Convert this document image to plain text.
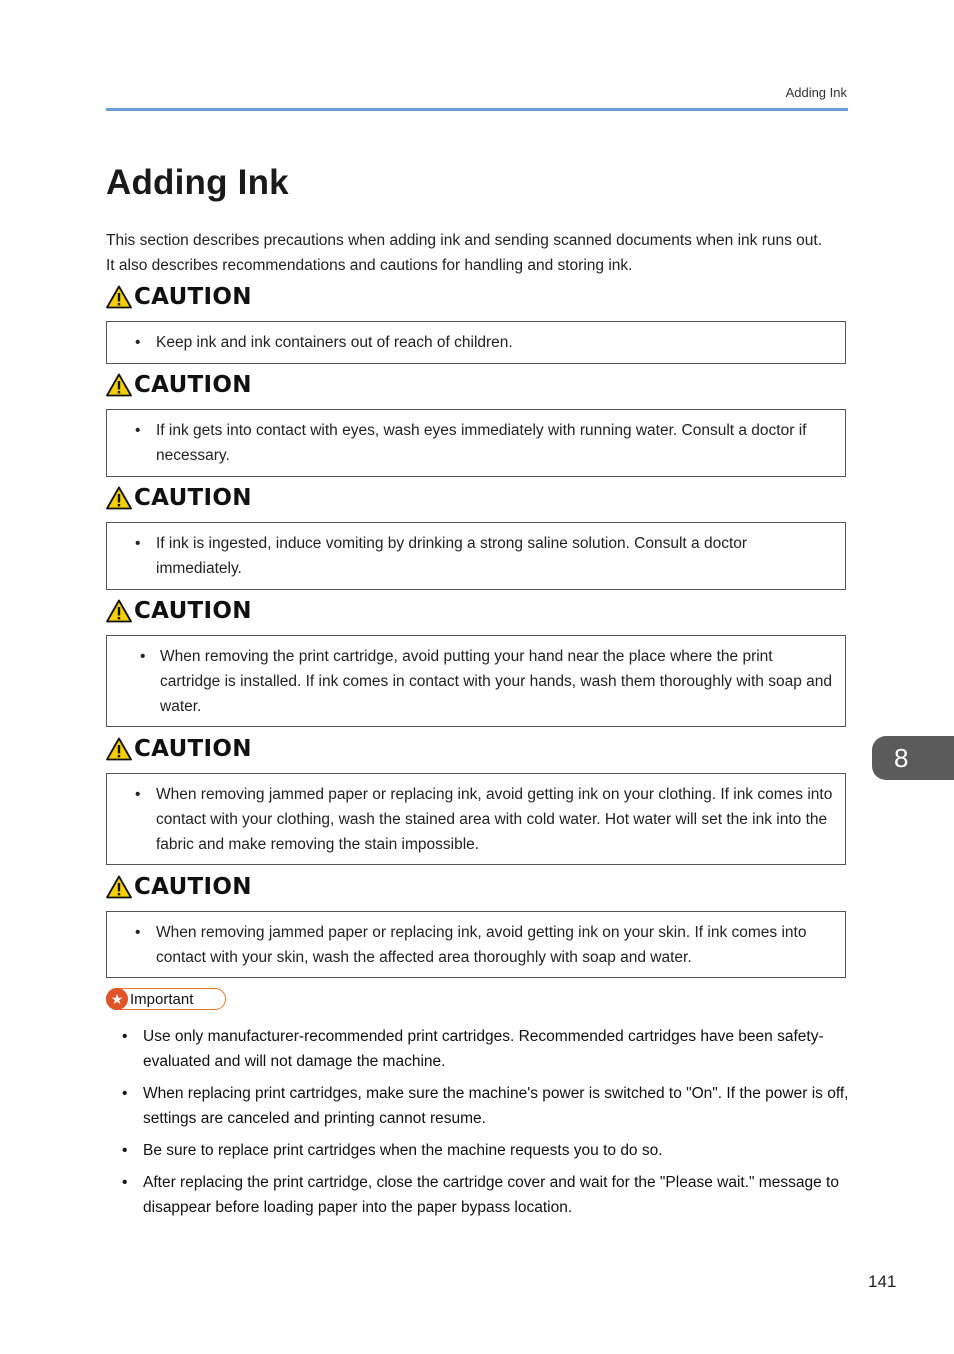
Adding Ink
Adding Ink

This section describes precautions when adding ink and sending scanned documents when ink runs out.

It also describes recommendations and cautions for handling and storing ink.

CAUTION
• Keep ink and ink containers out of reach of children.
CAUTION
• If ink gets into contact with eyes, wash eyes immediately with running water. Consult a doctor if necessary.
CAUTION
• If ink is ingested, induce vomiting by drinking a strong saline solution. Consult a doctor immediately.
CAUTION
• When removing the print cartridge, avoid putting your hand near the place where the print cartridge is installed. If ink comes in contact with your hands, wash them thoroughly with soap and water.
CAUTION
• When removing jammed paper or replacing ink, avoid getting ink on your clothing. If ink comes into contact with your clothing, wash the stained area with cold water. Hot water will set the ink into the fabric and make removing the stain impossible.
CAUTION
• When removing jammed paper or replacing ink, avoid getting ink on your skin. If ink comes into contact with your skin, wash the affected area thoroughly with soap and water.
★ Important
• Use only manufacturer-recommended print cartridges. Recommended cartridges have been safety-evaluated and will not damage the machine.
• When replacing print cartridges, make sure the machine's power is switched to "On". If the power is off, settings are canceled and printing cannot resume.
• Be sure to replace print cartridges when the machine requests you to do so.
• After replacing the print cartridge, close the cartridge cover and wait for the "Please wait." message to disappear before loading paper into the paper bypass location.
8
141
